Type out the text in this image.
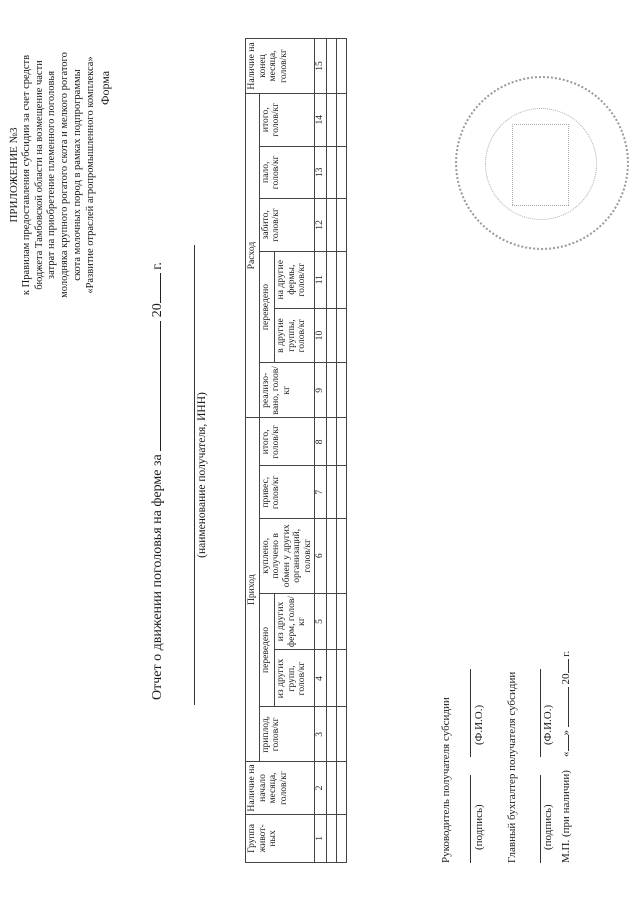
ПРИЛОЖЕНИЕ №3 к Правилам предоставления субсидии за счет средств бюджета Тамбовской области на возмещение части затрат на приобретение племенного поголовья молодняка крупного рогатого скота и мелкого рогатого скота молочных пород в рамках подпрограммы «Развитие отраслей агропромышленного комплекса» Форма
Отчет о движении поголовья на ферме за  20 г.
(наименование получателя, ИНН)
Группа живот-ных	Наличие на начало месяца, голов/кг	Приход						Расход						Наличие на конец месяца, голов/кг
		приплод, голов/кг	переведено		куплено, получено в обмен у других организаций, голов/кг	привес, голов/кг	итого, голов/кг	реализо-вано, голов/кг	переведено		забито, голов/кг	пало, голов/кг	итого, голов/кг	
			из других групп, голов/кг	из других ферм, голов/кг					в другие группы, голов/кг	на другие фермы, голов/кг				
1	2	3	4	5	6	7	8	9	10	11	12	13	14	15

Руководитель получателя субсидии (подпись)
(Ф.И.О.) Главный бухгалтер получателя субсидии (подпись)
(Ф.И.О.)
М.П. (при наличии)
«»  20 г.
